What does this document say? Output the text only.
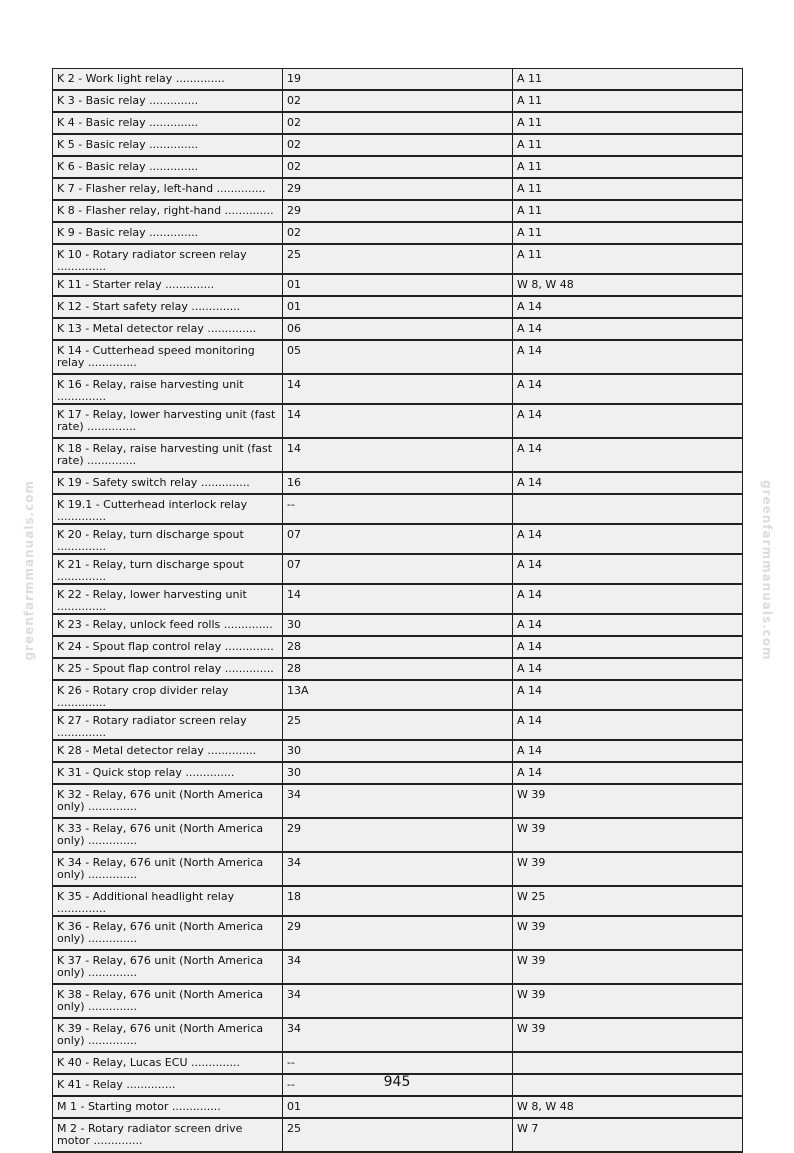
greenfarmmanuals.com	greenfarmmanuals.com
K 2 - Work light relay ..............	19	A 11
K 3 - Basic relay ..............	02	A 11
K 4 - Basic relay ..............	02	A 11
K 5 - Basic relay ..............	02	A 11
K 6 - Basic relay ..............	02	A 11
K 7 - Flasher relay, left-hand ..............	29	A 11
K 8 - Flasher relay, right-hand ..............	29	A 11
K 9 - Basic relay ..............	02	A 11
K 10 - Rotary radiator screen relay ..............	25	A 11
K 11 - Starter relay ..............	01	W 8, W 48
K 12 - Start safety relay ..............	01	A 14
K 13 - Metal detector relay ..............	06	A 14
K 14 - Cutterhead speed monitoring relay ..............	05	A 14
K 16 - Relay, raise harvesting unit ..............	14	A 14
K 17 - Relay, lower harvesting unit (fast rate) ..............	14	A 14
K 18 - Relay, raise harvesting unit (fast rate) ..............	14	A 14
K 19 - Safety switch relay ..............	16	A 14
K 19.1 - Cutterhead interlock relay ..............	--	
K 20 - Relay, turn discharge spout ..............	07	A 14
K 21 - Relay, turn discharge spout ..............	07	A 14
K 22 - Relay, lower harvesting unit ..............	14	A 14
K 23 - Relay, unlock feed rolls ..............	30	A 14
K 24 - Spout flap control relay ..............	28	A 14
K 25 - Spout flap control relay ..............	28	A 14
K 26 - Rotary crop divider relay ..............	13A	A 14
K 27 - Rotary radiator screen relay ..............	25	A 14
K 28 - Metal detector relay ..............	30	A 14
K 31 - Quick stop relay ..............	30	A 14
K 32 - Relay, 676 unit (North America only) ..............	34	W 39
K 33 - Relay, 676 unit (North America only) ..............	29	W 39
K 34 - Relay, 676 unit (North America only) ..............	34	W 39
K 35 - Additional headlight relay ..............	18	W 25
K 36 - Relay, 676 unit (North America only) ..............	29	W 39
K 37 - Relay, 676 unit (North America only) ..............	34	W 39
K 38 - Relay, 676 unit (North America only) ..............	34	W 39
K 39 - Relay, 676 unit (North America only) ..............	34	W 39
K 40 - Relay, Lucas ECU ..............	--	
K 41 - Relay ..............	--	
M 1 - Starting motor ..............	01	W 8, W 48
M 2 - Rotary radiator screen drive motor ..............	25	W 7
945
